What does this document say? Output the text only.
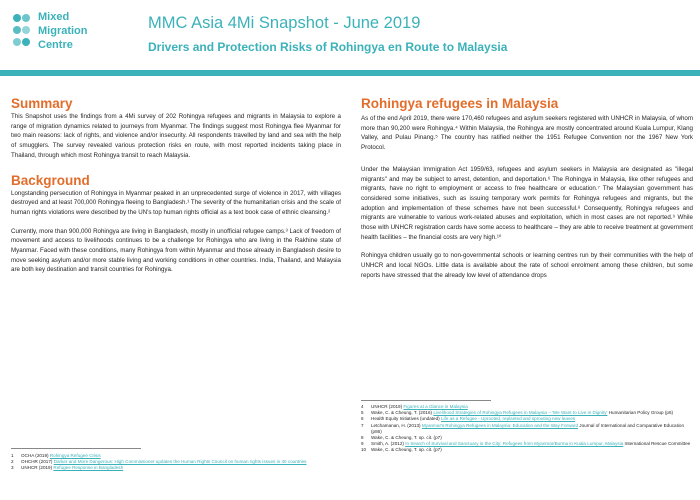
Mixed
Migration
Centre
MMC Asia 4Mi Snapshot - June 2019
Drivers and Protection Risks of Rohingya en Route to Malaysia
Summary

This Snapshot uses the findings from a 4Mi survey of 202 Rohingya refugees and migrants in Malaysia to explore a range of migration dynamics related to journeys from Myanmar. The findings suggest most Rohingya flee Myanmar for two main reasons: lack of rights, and violence and/or insecurity. All respondents travelled by land and sea with the help of smugglers. The survey revealed various protection risks en route, with most reported incidents taking place in Thailand, through which most Rohingya transit to reach Malaysia.

Background

Longstanding persecution of Rohingya in Myanmar peaked in an unprecedented surge of violence in 2017, with villages destroyed and at least 700,000 Rohingya fleeing to Bangladesh.¹ The severity of the humanitarian crisis and the scale of human rights violations were described by the UN's top human rights official as a text book case of ethnic cleansing.²

Currently, more than 900,000 Rohingya are living in Bangladesh, mostly in unofficial refugee camps.³ Lack of freedom of movement and access to livelihoods continues to be a challenge for Rohingya who are living in the Rakhine state of Myanmar. Faced with these conditions, many Rohingya from within Myanmar and those already in Bangladesh desire to move seeking asylum and/or more stable living and working conditions in other countries. India, Thailand, and Malaysia are both key destination and transit countries for Rohingya.

Rohingya refugees in Malaysia

As of the end April 2019, there were 170,460 refugees and asylum seekers registered with UNHCR in Malaysia, of whom more than 90,200 were Rohingya.⁴ Within Malaysia, the Rohingya are mostly concentrated around Kuala Lumpur, Klang Valley, and Pulau Pinang.⁵ The country has ratified neither the 1951 Refugee Convention nor the 1967 New York Protocol.

Under the Malaysian Immigration Act 1959/63, refugees and asylum seekers in Malaysia are designated as "illegal migrants" and may be subject to arrest, detention, and deportation.⁶ The Rohingya in Malaysia, like other refugees and migrants, have no right to employment or access to free healthcare or education.⁷ The Malaysian government has considered some initiatives, such as issuing temporary work permits for Rohingya refugees and migrants, but the adoption and implementation of these schemes have not been successful.⁸ Consequently, Rohingya refugees and migrants are vulnerable to various work-related abuses and exploitation, which in most cases are not reported.⁹ While those with UNHCR registration cards have some access to healthcare – they are able to receive treatment at government health facilities – the financial costs are very high.¹⁰

Rohingya children usually go to non-governmental schools or learning centres run by their communities with the help of UNHCR and local NGOs. Little data is available about the rate of school enrolment among these children, but some reports have stressed that the already low level of attendance drops

1	OCHA (2019) Rohingya Refugee Crisis
2	OHCHR (2017) Darker and More Dangerous: High Commissioner updates the Human Rights Council on human rights issues in 40 countries
3	UNHCR (2019) Refugee Response in Bangladesh
4	UNHCR (2019) Figures at a Glance in Malaysia
5	Wake, C. & Cheung, T. (2016) Livelihood Strategies of Rohingya Refugees in Malaysia – 'We Want to Live in Dignity' Humanitarian Policy Group (p6)
6	Health Equity Initiatives (undated) Life as a Refugee - Uprooted, replanted and sprouting new leaves
7	Letchamanan, H. (2013) Myanmar's Rohingya Refugees in Malaysia: Education and the Way Forward Journal of International and Comparative Education (p86)
8	Wake, C. & Cheung, T. op. cit. (p7)
9	Smith, A. (2012) In Search of Survival and Sanctuary in the City: Refugees from Myanmar/Burma in Kuala Lumpur, Malaysia International Rescue Committee
10	Wake, C. & Cheung, T. op. cit. (p7)
